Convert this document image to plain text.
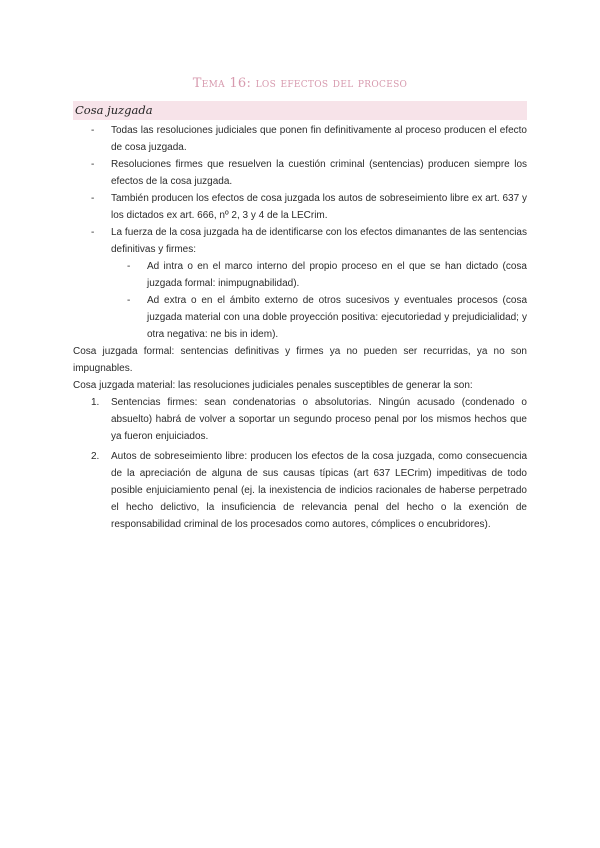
Tema 16: los efectos del proceso
Cosa juzgada
- Todas las resoluciones judiciales que ponen fin definitivamente al proceso producen el efecto de cosa juzgada.
- Resoluciones firmes que resuelven la cuestión criminal (sentencias) producen siempre los efectos de la cosa juzgada.
- También producen los efectos de cosa juzgada los autos de sobreseimiento libre ex art. 637 y los dictados ex art. 666, nº 2, 3 y 4 de la LECrim.
- La fuerza de la cosa juzgada ha de identificarse con los efectos dimanantes de las sentencias definitivas y firmes:
- Ad intra o en el marco interno del propio proceso en el que se han dictado (cosa juzgada formal: inimpugnabilidad).
- Ad extra o en el ámbito externo de otros sucesivos y eventuales procesos (cosa juzgada material con una doble proyección positiva: ejecutoriedad y prejudicialidad; y otra negativa: ne bis in idem).

Cosa juzgada formal: sentencias definitivas y firmes ya no pueden ser recurridas, ya no son impugnables.

Cosa juzgada material: las resoluciones judiciales penales susceptibles de generar la son:

1. Sentencias firmes: sean condenatorias o absolutorias. Ningún acusado (condenado o absuelto) habrá de volver a soportar un segundo proceso penal por los mismos hechos que ya fueron enjuiciados.
2. Autos de sobreseimiento libre: producen los efectos de la cosa juzgada, como consecuencia de la apreciación de alguna de sus causas típicas (art 637 LECrim) impeditivas de todo posible enjuiciamiento penal (ej. la inexistencia de indicios racionales de haberse perpetrado el hecho delictivo, la insuficiencia de relevancia penal del hecho o la exención de responsabilidad criminal de los procesados como autores, cómplices o encubridores).
